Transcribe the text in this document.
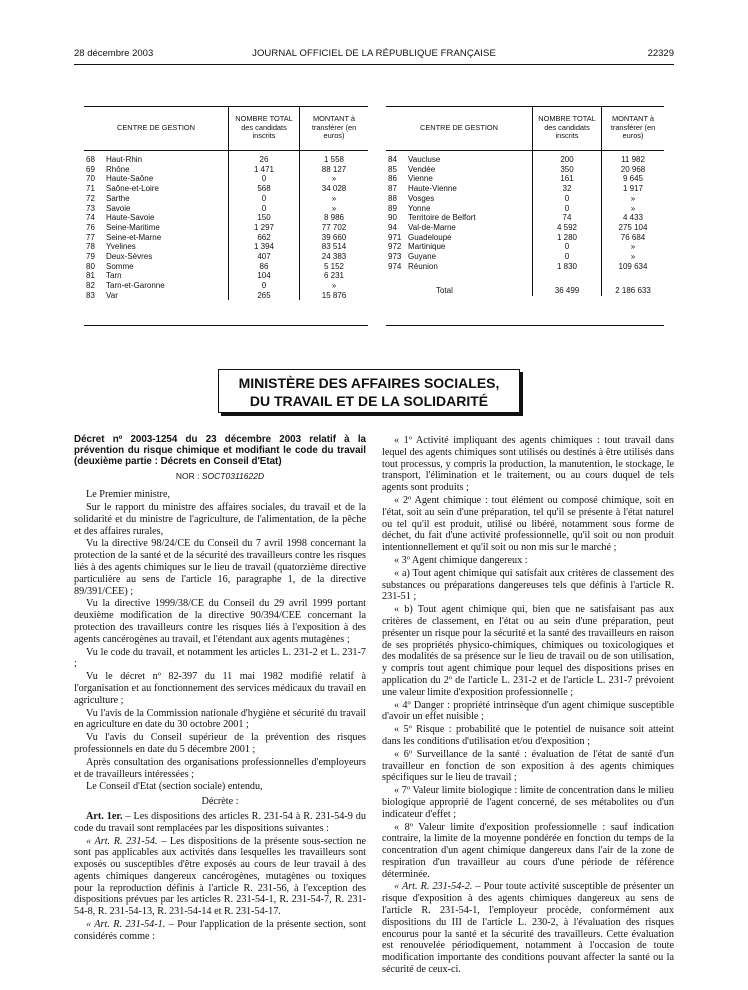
28 décembre 2003	JOURNAL OFFICIEL DE LA RÉPUBLIQUE FRANÇAISE	22329
CENTRE DE GESTION		NOMBRE TOTAL des candidats inscrits	MONTANT à transférer (en euros)
68	Haut-Rhin	26	1 558
69	Rhône	1 471	88 127
70	Haute-Saône	0	»
71	Saône-et-Loire	568	34 028
72	Sarthe	0	»
73	Savoie	0	»
74	Haute-Savoie	150	8 986
76	Seine-Maritime	1 297	77 702
77	Seine-et-Marne	662	39 660
78	Yvelines	1 394	83 514
79	Deux-Sèvres	407	24 383
80	Somme	86	5 152
81	Tarn	104	6 231
82	Tarn-et-Garonne	0	»
83	Var	265	15 876
CENTRE DE GESTION		NOMBRE TOTAL des candidats inscrits	MONTANT à transférer (en euros)
84	Vaucluse	200	11 982
85	Vendée	350	20 968
86	Vienne	161	9 645
87	Haute-Vienne	32	1 917
88	Vosges	0	»
89	Yonne	0	»
90	Territoire de Belfort	74	4 433
94	Val-de-Marne	4 592	275 104
971	Guadeloupe	1 280	76 684
972	Martinique	0	»
973	Guyane	0	»
974	Réunion	1 830	109 634

	Total	36 499	2 186 633
MINISTÈRE DES AFFAIRES SOCIALES,
DU TRAVAIL ET DE LA SOLIDARITÉ

Décret nº 2003-1254 du 23 décembre 2003 relatif à la prévention du risque chimique et modifiant le code du travail (deuxième partie : Décrets en Conseil d'Etat)

NOR : SOCT0311622D

Le Premier ministre,

Sur le rapport du ministre des affaires sociales, du travail et de la solidarité et du ministre de l'agriculture, de l'alimentation, de la pêche et des affaires rurales,

Vu la directive 98/24/CE du Conseil du 7 avril 1998 concernant la protection de la santé et de la sécurité des travailleurs contre les risques liés à des agents chimiques sur le lieu de travail (quatorzième directive particulière au sens de l'article 16, paragraphe 1, de la directive 89/391/CEE) ;

Vu la directive 1999/38/CE du Conseil du 29 avril 1999 portant deuxième modification de la directive 90/394/CEE concernant la protection des travailleurs contre les risques liés à l'exposition à des agents cancérogènes au travail, et l'étendant aux agents mutagènes ;

Vu le code du travail, et notamment les articles L. 231-2 et L. 231-7 ;

Vu le décret nº 82-397 du 11 mai 1982 modifié relatif à l'organisation et au fonctionnement des services médicaux du travail en agriculture ;

Vu l'avis de la Commission nationale d'hygiène et sécurité du travail en agriculture en date du 30 octobre 2001 ;

Vu l'avis du Conseil supérieur de la prévention des risques professionnels en date du 5 décembre 2001 ;

Après consultation des organisations professionnelles d'employeurs et de travailleurs intéressées ;

Le Conseil d'Etat (section sociale) entendu,

Décrète :

Art. 1er. – Les dispositions des articles R. 231-54 à R. 231-54-9 du code du travail sont remplacées par les dispositions suivantes :

« Art. R. 231-54. – Les dispositions de la présente sous-section ne sont pas applicables aux activités dans lesquelles les travailleurs sont exposés ou susceptibles d'être exposés au cours de leur travail à des agents chimiques dangereux cancérogènes, mutagènes ou toxiques pour la reproduction définis à l'article R. 231-56, à l'exception des dispositions prévues par les articles R. 231-54-1, R. 231-54-7, R. 231-54-8, R. 231-54-13, R. 231-54-14 et R. 231-54-17.

« Art. R. 231-54-1. – Pour l'application de la présente section, sont considérés comme :

« 1º Activité impliquant des agents chimiques : tout travail dans lequel des agents chimiques sont utilisés ou destinés à être utilisés dans tout processus, y compris la production, la manutention, le stockage, le transport, l'élimination et le traitement, ou au cours duquel de tels agents sont produits ;

« 2º Agent chimique : tout élément ou composé chimique, soit en l'état, soit au sein d'une préparation, tel qu'il se présente à l'état naturel ou tel qu'il est produit, utilisé ou libéré, notamment sous forme de déchet, du fait d'une activité professionnelle, qu'il soit ou non produit intentionnellement et qu'il soit ou non mis sur le marché ;

« 3º Agent chimique dangereux :

« a) Tout agent chimique qui satisfait aux critères de classement des substances ou préparations dangereuses tels que définis à l'article R. 231-51 ;

« b) Tout agent chimique qui, bien que ne satisfaisant pas aux critères de classement, en l'état ou au sein d'une préparation, peut présenter un risque pour la sécurité et la santé des travailleurs en raison de ses propriétés physico-chimiques, chimiques ou toxicologiques et des modalités de sa présence sur le lieu de travail ou de son utilisation, y compris tout agent chimique pour lequel des dispositions prises en application du 2º de l'article L. 231-2 et de l'article L. 231-7 prévoient une valeur limite d'exposition professionnelle ;

« 4º Danger : propriété intrinsèque d'un agent chimique susceptible d'avoir un effet nuisible ;

« 5º Risque : probabilité que le potentiel de nuisance soit atteint dans les conditions d'utilisation et/ou d'exposition ;

« 6º Surveillance de la santé : évaluation de l'état de santé d'un travailleur en fonction de son exposition à des agents chimiques spécifiques sur le lieu de travail ;

« 7º Valeur limite biologique : limite de concentration dans le milieu biologique approprié de l'agent concerné, de ses métabolites ou d'un indicateur d'effet ;

« 8º Valeur limite d'exposition professionnelle : sauf indication contraire, la limite de la moyenne pondérée en fonction du temps de la concentration d'un agent chimique dangereux dans l'air de la zone de respiration d'un travailleur au cours d'une période de référence déterminée.

« Art. R. 231-54-2. – Pour toute activité susceptible de présenter un risque d'exposition à des agents chimiques dangereux au sens de l'article R. 231-54-1, l'employeur procède, conformément aux dispositions du III de l'article L. 230-2, à l'évaluation des risques encourus pour la santé et la sécurité des travailleurs. Cette évaluation est renouvelée périodiquement, notamment à l'occasion de toute modification importante des conditions pouvant affecter la santé ou la sécurité de ceux-ci.
